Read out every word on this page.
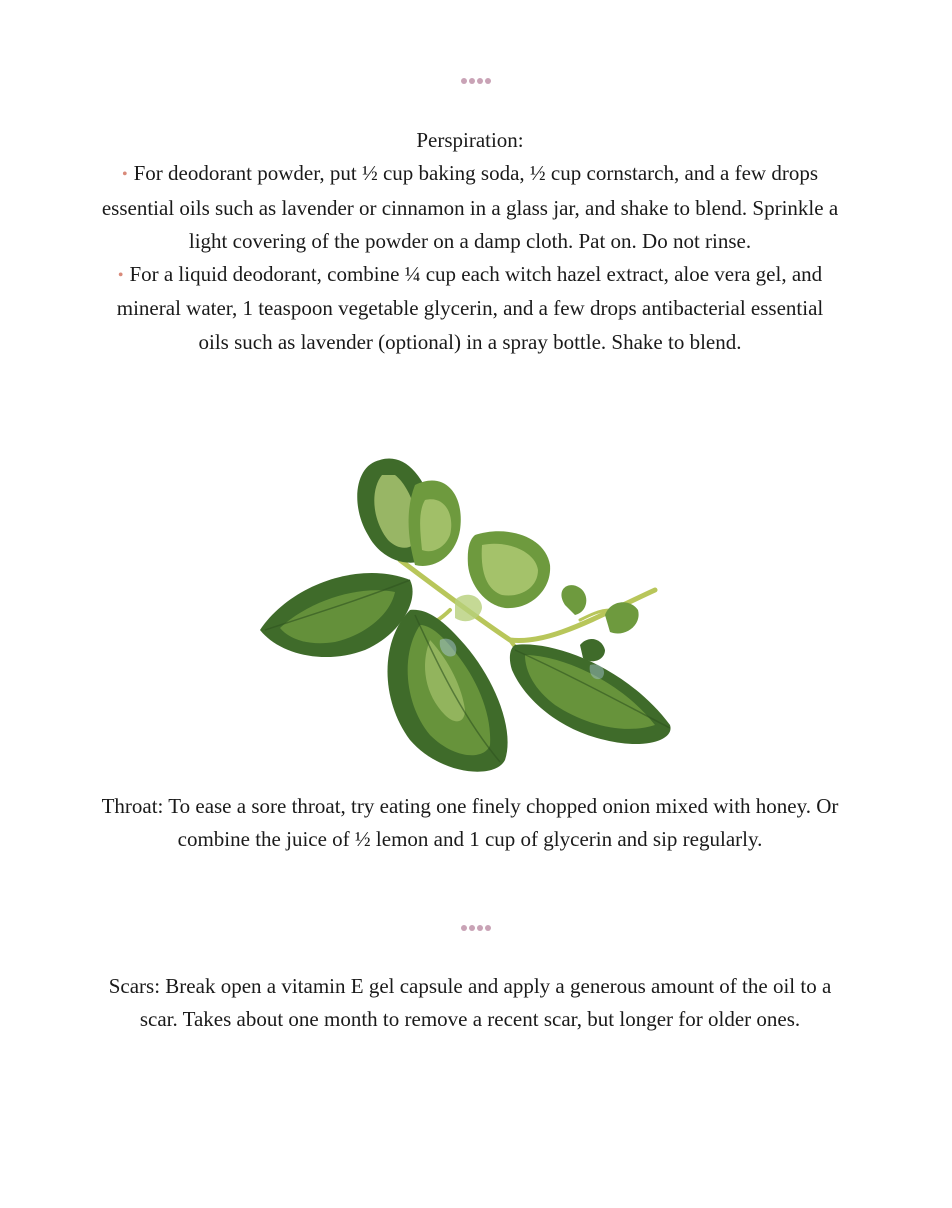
Perspiration:
• For deodorant powder, put ½ cup baking soda, ½ cup cornstarch, and a few drops essential oils such as lavender or cinnamon in a glass jar, and shake to blend. Sprinkle a light covering of the powder on a damp cloth. Pat on. Do not rinse.
• For a liquid deodorant, combine ¼ cup each witch hazel extract, aloe vera gel, and mineral water, 1 teaspoon vegetable glycerin, and a few drops antibacterial essential oils such as lavender (optional) in a spray bottle. Shake to blend.
Throat: To ease a sore throat, try eating one finely chopped onion mixed with honey. Or combine the juice of ½ lemon and 1 cup of glycerin and sip regularly.
Scars: Break open a vitamin E gel capsule and apply a generous amount of the oil to a scar. Takes about one month to remove a recent scar, but longer for older ones.
